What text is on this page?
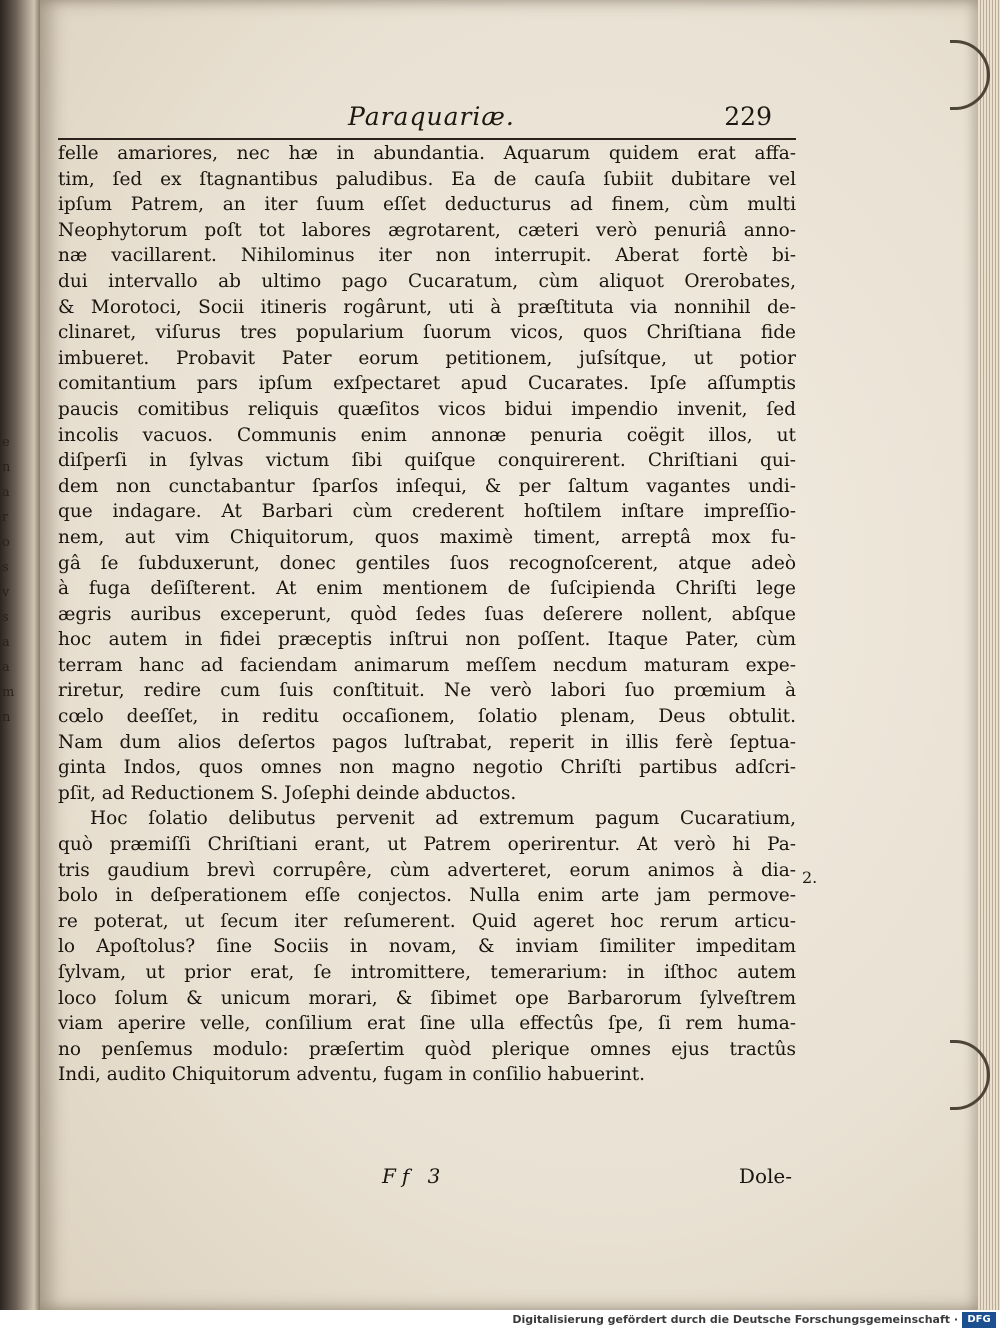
e
n
a
r
o
s
v
s
a
a
m
n
Paraquariæ.	229
felle amariores, nec hæ in abundantia. Aquarum quidem erat affa-
tim, ſed ex ſtagnantibus paludibus. Ea de cauſa ſubiit dubitare vel
ipſum Patrem, an iter ſuum eſſet deducturus ad finem, cùm multi
Neophytorum poſt tot labores ægrotarent, cæteri verò penuriâ anno-
næ vacillarent. Nihilominus iter non interrupit. Aberat fortè bi-
dui intervallo ab ultimo pago Cucaratum, cùm aliquot Orerobates,
& Morotoci, Socii itineris rogârunt, uti à præſtituta via nonnihil de-
clinaret, viſurus tres popularium ſuorum vicos, quos Chriſtiana fide
imbueret. Probavit Pater eorum petitionem, juſsítque, ut potior
comitantium pars ipſum exſpectaret apud Cucarates. Ipſe aſſumptis
paucis comitibus reliquis quæſitos vicos bidui impendio invenit, ſed
incolis vacuos. Communis enim annonæ penuria coëgit illos, ut
diſperſi in ſylvas victum ſibi quiſque conquirerent. Chriſtiani qui-
dem non cunctabantur ſparſos inſequi, & per ſaltum vagantes undi-
que indagare. At Barbari cùm crederent hoſtilem inſtare impreſſio-
nem, aut vim Chiquitorum, quos maximè timent, arreptâ mox fu-
gâ ſe ſubduxerunt, donec gentiles ſuos recognoſcerent, atque adeò
à fuga deſiſterent. At enim mentionem de ſuſcipienda Chriſti lege
ægris auribus exceperunt, quòd ſedes ſuas deſerere nollent, abſque
hoc autem in fidei præceptis inſtrui non poſſent. Itaque Pater, cùm
terram hanc ad faciendam animarum meſſem necdum maturam expe-
riretur, redire cum ſuis conſtituit. Ne verò labori ſuo prœmium à
cœlo deeſſet, in reditu occaſionem, ſolatio plenam, Deus obtulit.
Nam dum alios deſertos pagos luſtrabat, reperit in illis ferè ſeptua-
ginta Indos, quos omnes non magno negotio Chriſti partibus adſcri-
pſit, ad Reductionem S. Joſephi deinde abductos.
Hoc ſolatio delibutus pervenit ad extremum pagum Cucaratium,
quò præmiſſi Chriſtiani erant, ut Patrem operirentur. At verò hi Pa-
tris gaudium brevì corrupêre, cùm adverteret, eorum animos à dia-
bolo in deſperationem eſſe conjectos. Nulla enim arte jam permove-
re poterat, ut ſecum iter reſumerent. Quid ageret hoc rerum articu-
lo Apoſtolus? ſine Sociis in novam, & inviam ſimiliter impeditam
ſylvam, ut prior erat, ſe intromittere, temerarium: in iſthoc autem
loco ſolum & unicum morari, & ſibimet ope Barbarorum ſylveſtrem
viam aperire velle, conſilium erat ſine ulla effectûs ſpe, ſi rem huma-
no penſemus modulo: præſertim quòd plerique omnes ejus tractûs
Indi, audito Chiquitorum adventu, fugam in conſilio habuerint.
2.
Ff 3	Dole-
Digitalisierung gefördert durch die Deutsche Forschungsgemeinschaft · DFG
